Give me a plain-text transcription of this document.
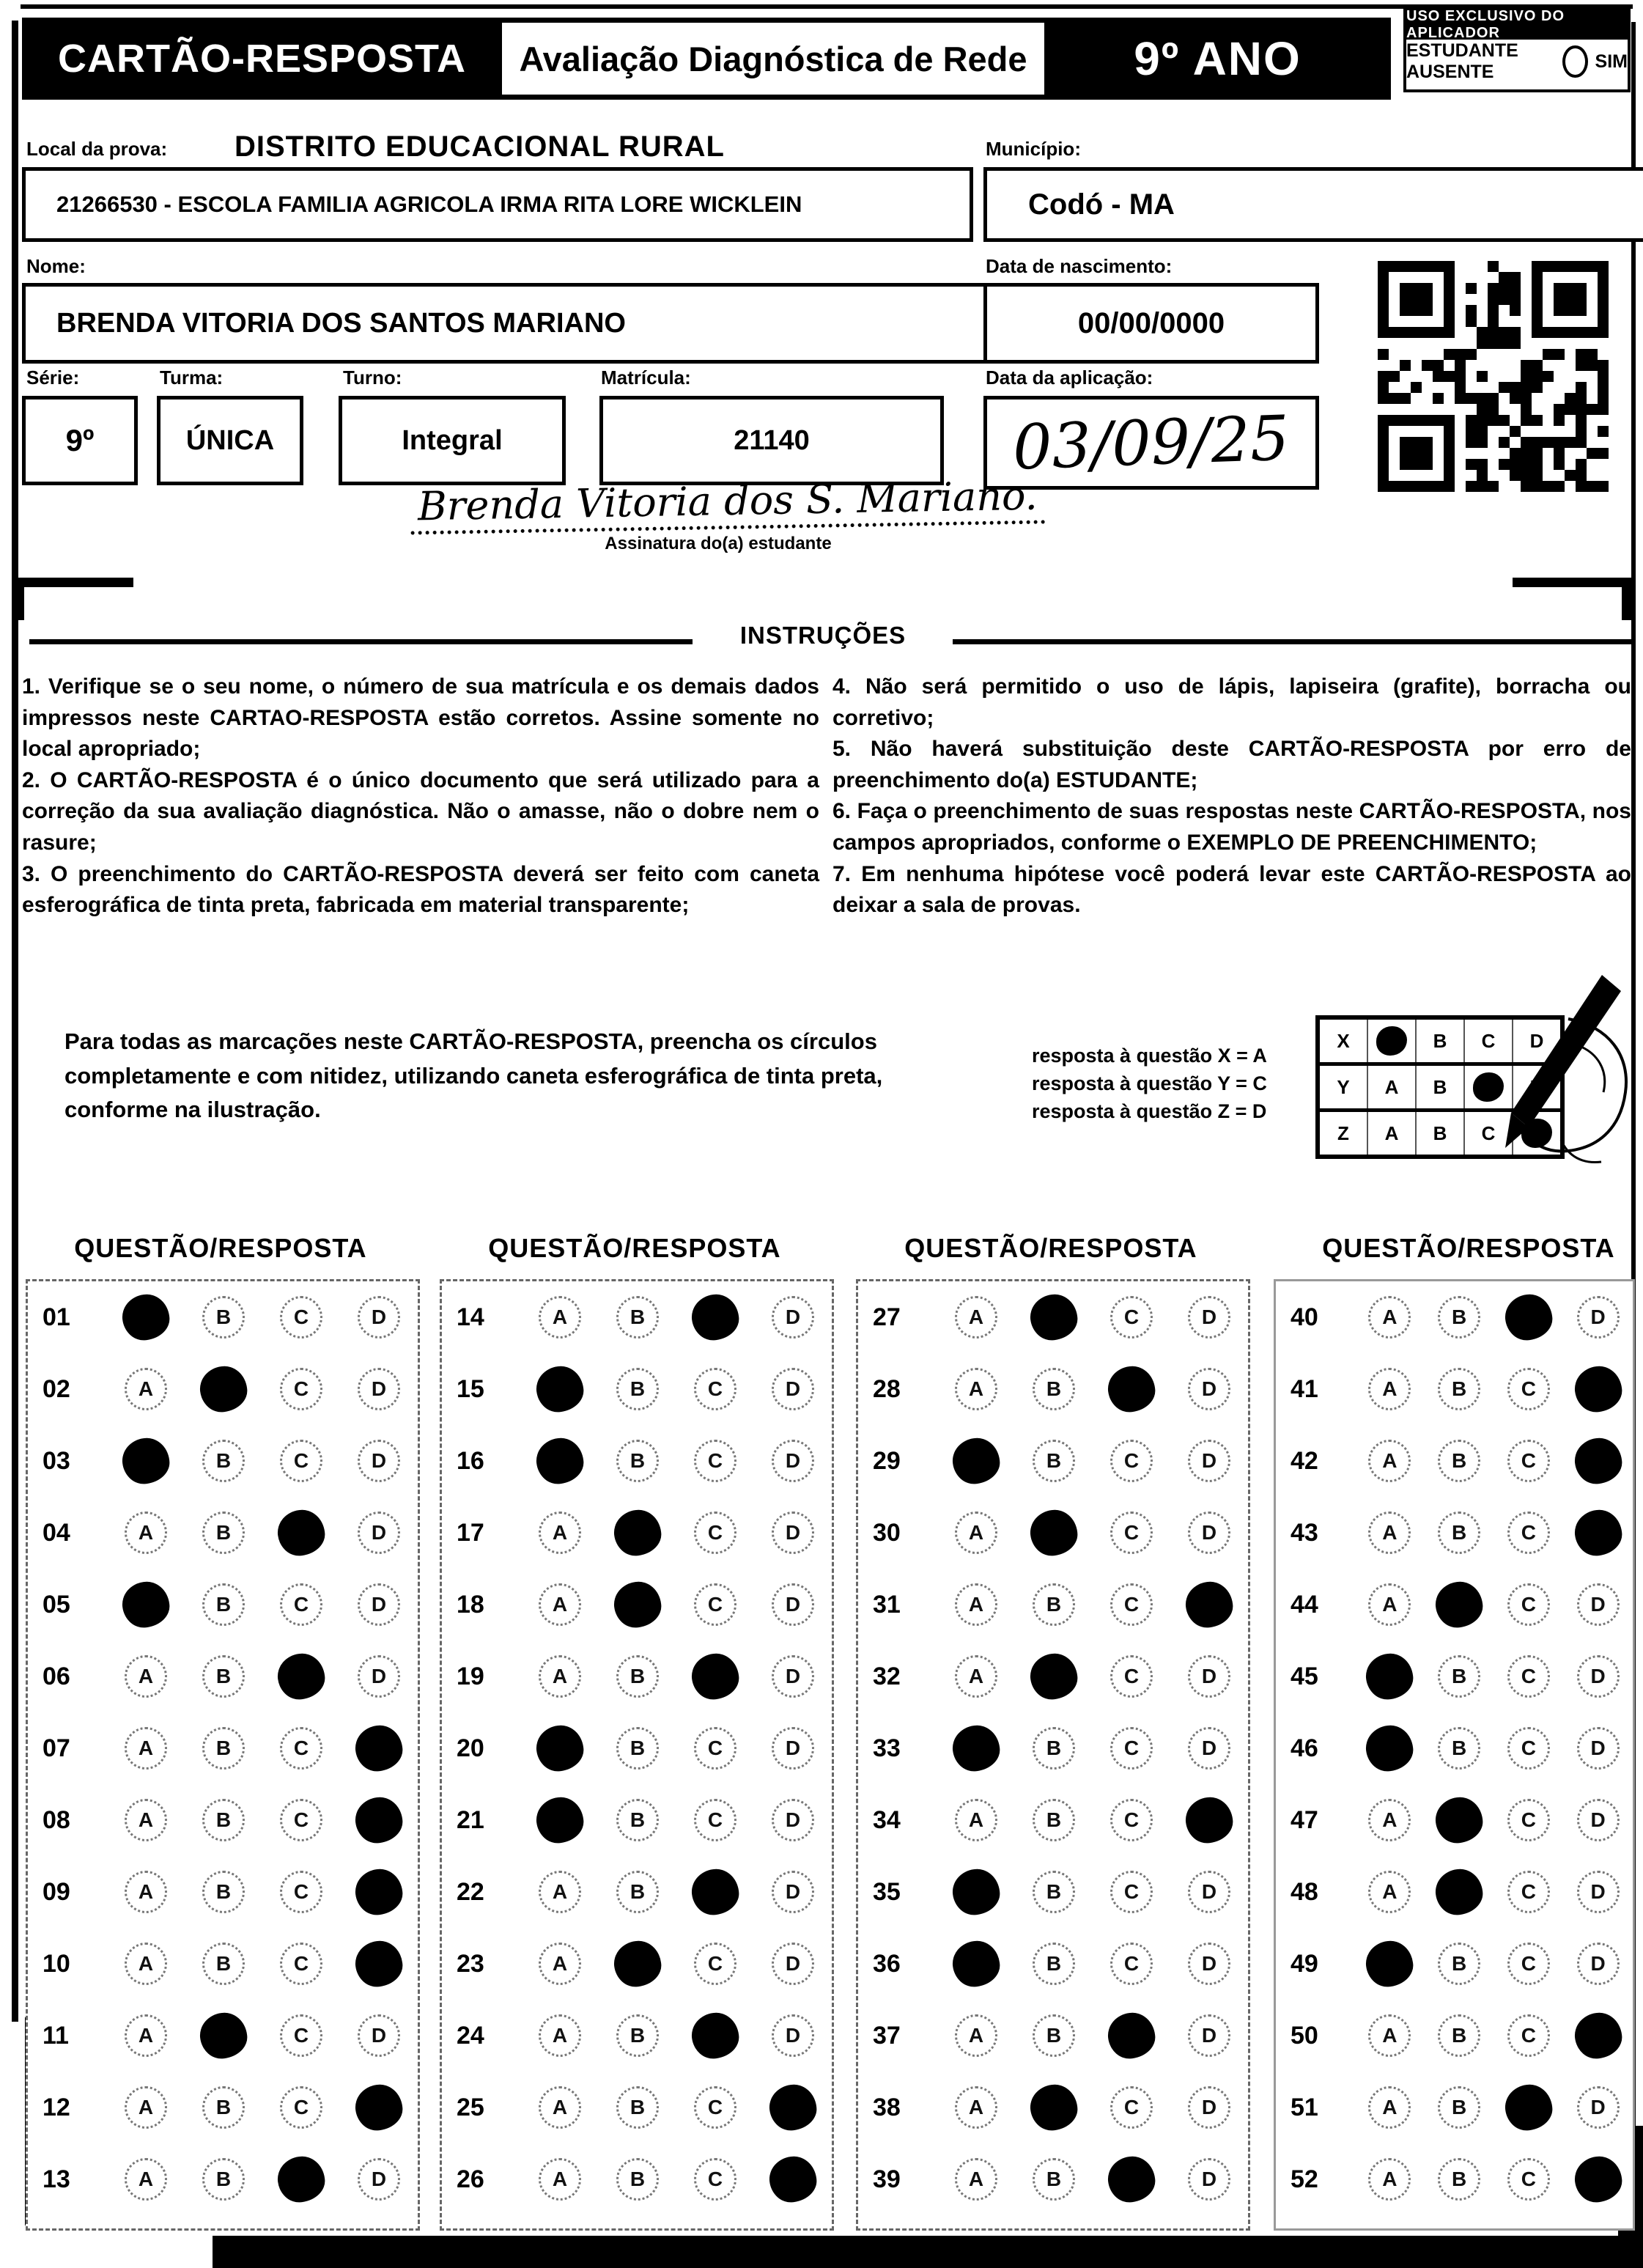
CARTÃO-RESPOSTA	Avaliação Diagnóstica de Rede	9º ANO
USO EXCLUSIVO DO APLICADOR
ESTUDANTE AUSENTE
SIM
Local da prova: DISTRITO EDUCACIONAL RURAL	Município:
21266530 - ESCOLA FAMILIA AGRICOLA IRMA RITA LORE WICKLEIN	Codó - MA
Nome:	Data de nascimento:
BRENDA VITORIA DOS SANTOS MARIANO	00/00/0000
Série:	Turma:	Turno:	Matrícula:	Data da aplicação:
9º	ÚNICA	Integral	21140	03/09/25
Brenda Vitoria dos S. Mariano.
Assinatura do(a) estudante
INSTRUÇÕES

1. Verifique se o seu nome, o número de sua matrícula e os demais dados impressos neste CARTAO-RESPOSTA estão corretos. Assine somente no local apropriado;

2. O CARTÃO-RESPOSTA é o único documento que será utilizado para a correção da sua avaliação diagnóstica. Não o amasse, não o dobre nem o rasure;

3. O preenchimento do CARTÃO-RESPOSTA deverá ser feito com caneta esferográfica de tinta preta, fabricada em material transparente;

4. Não será permitido o uso de lápis, lapiseira (grafite), borracha ou corretivo;

5. Não haverá substituição deste CARTÃO-RESPOSTA por erro de preenchimento do(a) ESTUDANTE;

6. Faça o preenchimento de suas respostas neste CARTÃO-RESPOSTA, nos campos apropriados, conforme o EXEMPLO DE PREENCHIMENTO;

7. Em nenhuma hipótese você poderá levar este CARTÃO-RESPOSTA ao deixar a sala de provas.

Para todas as marcações neste CARTÃO-RESPOSTA, preencha os círculos completamente e com nitidez, utilizando caneta esferográfica de tinta preta, conforme na ilustração.
resposta à questão X = A
resposta à questão Y = C
resposta à questão Z = D
X	B	C	D
Y	A	B
Z	A	B	C
QUESTÃO/RESPOSTA	QUESTÃO/RESPOSTA	QUESTÃO/RESPOSTA	QUESTÃO/RESPOSTA
01	B	C	D
02	A	C	D
03	B	C	D
04	A	B	D
05	B	C	D
06	A	B	D
07	A	B	C
08	A	B	C
09	A	B	C
10	A	B	C
11	A	C	D
12	A	B	C
13	A	B	D
14	A	B	D
15	B	C	D
16	B	C	D
17	A	C	D
18	A	C	D
19	A	B	D
20	B	C	D
21	B	C	D
22	A	B	D
23	A	C	D
24	A	B	D
25	A	B	C
26	A	B	C
27	A	C	D
28	A	B	D
29	B	C	D
30	A	C	D
31	A	B	C
32	A	C	D
33	B	C	D
34	A	B	C
35	B	C	D
36	B	C	D
37	A	B	D
38	A	C	D
39	A	B	D
40	A	B	D
41	A	B	C
42	A	B	C
43	A	B	C
44	A	C	D
45	B	C	D
46	B	C	D
47	A	C	D
48	A	C	D
49	B	C	D
50	A	B	C
51	A	B	D
52	A	B	C
